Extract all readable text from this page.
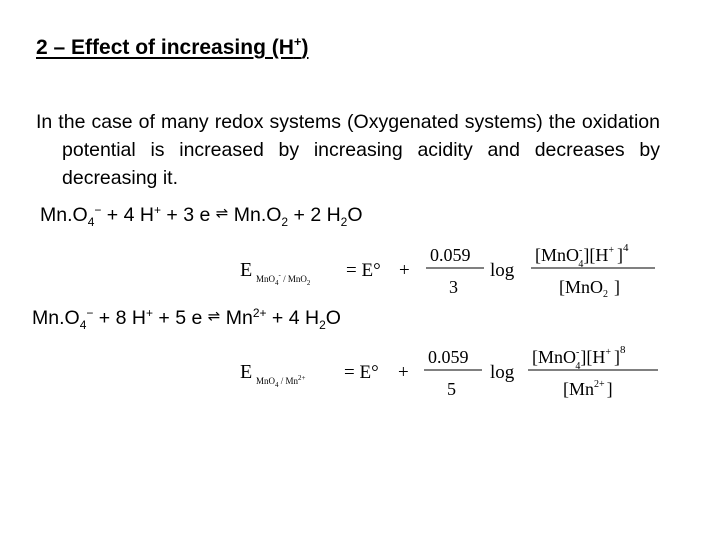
2 – Effect of increasing (H+)

In the case of many redox systems (Oxygenated systems) the oxidation potential is increased by increasing acidity and decreases by decreasing it.

$Mn.O_4^- + 4$ H+ + 3 e ⇌ $Mn.O_2 + 2$ $H_2O$
E MnO$_4$- / MnO$_2$
= E° +
0.059
3
log
[MnO-4][H+ ]$^4$
[MnO$_2$ ]
$Mn.O_4^- + 8$ H+ + 5 e ⇌ $Mn^{2+} + 4$ $H_2O$
E $MnO_4 / Mn^{2+} = E^\circ$ +
0.059
5
log
[MnO-4][H+ ]$^8$
[$Mn^{2+}$ ]
